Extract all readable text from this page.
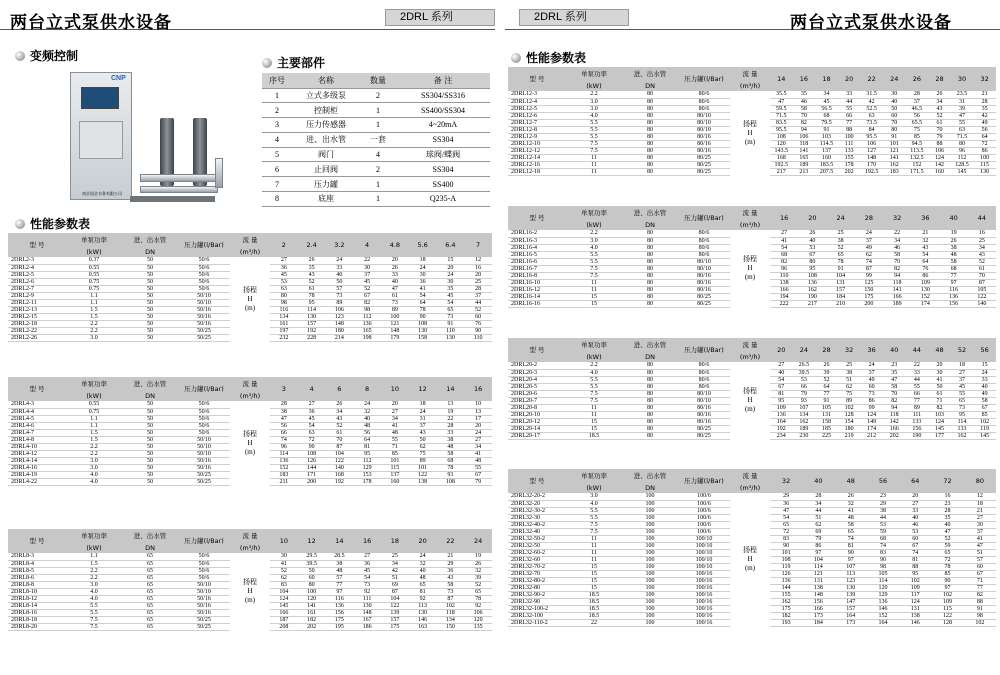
两台立式泵供水设备	2DRL 系列
变频控制
CNP
南京国企水务有限公司
主要部件
序号	名称	数量	备 注
1	立式多级泵	2	SS304/SS316
2	控制柜	1	SS400/SS304
3	压力传感器	1	4~20mA
4	进、出水管	一套	SS304
5	阀门	4	球阀/蝶阀
6	止回阀	2	SS304
7	压力罐	1	SS400
8	底座	1	Q235-A
性能参数表
型 号	单泵功率	进、出水管	压力罐(l/Bar)	流 量	2	2.4	3.2	4	4.8	5.6	6.4	7
	(kW)	DN		(m³/h)								
2DRL2-3	0.37	50	50/6	扬程
H
(m)	27	26	24	22	20	18	15	12
2DRL2-4	0.55	50	50/6		36	35	33	30	26	24	20	16
2DRL2-5	0.55	50	50/6		45	43	40	37	33	30	24	20
2DRL2-6	0.75	50	50/6		53	52	50	45	40	36	30	25
2DRL2-7	0.75	50	50/6		63	61	57	52	47	41	35	28
2DRL2-9	1.1	50	50/10		80	78	73	67	61	54	45	37
2DRL2-11	1.1	50	50/10		98	95	89	82	73	64	54	44
2DRL2-13	1.5	50	50/16		116	114	106	98	89	78	65	52
2DRL2-15	1.5	50	50/16		134	130	123	112	100	90	73	60
2DRL2-18	2.2	50	50/16		161	157	148	136	121	108	91	76
2DRL2-22	2.2	50	50/25		197	192	180	165	148	130	110	90
2DRL2-26	3.0	50	50/25		232	228	214	198	179	158	130	110
型 号	单泵功率	进、出水管	压力罐(l/Bar)	流 量	3	4	6	8	10	12	14	16
	(kW)	DN		(m³/h)								
2DRL4-3	0.55	50	50/6	扬程
H
(m)	28	27	26	24	20	18	13	10
2DRL4-4	0.75	50	50/6		38	36	34	32	27	24	19	13
2DRL4-5	1.1	50	50/6		47	45	43	40	34	31	22	17
2DRL4-6	1.1	50	50/6		56	54	52	48	41	37	28	20
2DRL4-7	1.5	50	50/6		66	63	61	56	48	43	33	24
2DRL4-8	1.5	50	50/10		74	72	70	64	55	50	38	27
2DRL4-10	2.2	50	50/10		96	90	87	81	71	62	48	34
2DRL4-12	2.2	50	50/10		114	108	104	95	85	75	58	41
2DRL4-14	3.0	50	50/16		136	126	122	112	101	89	68	48
2DRL4-16	3.0	50	50/16		152	144	140	129	115	101	78	55
2DRL4-19	4.0	50	50/25		183	171	168	153	137	122	93	67
2DRL4-22	4.0	50	50/25		211	200	192	178	160	138	108	79
型 号	单泵功率	进、出水管	压力罐(l/Bar)	流 量	10	12	14	16	18	20	22	24
	(kW)	DN		(m³/h)								
2DRL8-3	1.1	65	50/6	扬程
H
(m)	30	29.5	28.5	27	25	24	21	19
2DRL8-4	1.5	65	50/6		41	39.5	38	36	34	32	29	26
2DRL8-5	2.2	65	50/6		52	50	48	45	42	40	36	32
2DRL8-6	2.2	65	50/6		62	60	57	54	51	48	43	39
2DRL8-8	3.0	65	50/10		83	80	77	73	69	65	58	52
2DRL8-10	4.0	65	50/10		104	100	97	92	87	81	73	65
2DRL8-12	4.0	65	50/16		124	120	116	111	104	92	87	78
2DRL8-14	5.5	65	50/16		145	141	136	130	122	113	102	92
2DRL8-16	5.5	65	50/16		166	161	156	148	139	130	118	106
2DRL8-18	7.5	65	50/25		187	182	175	167	157	146	134	120
2DRL8-20	7.5	65	50/25		208	202	195	186	175	163	150	135
2DRL 系列	两台立式泵供水设备
性能参数表
型 号	单泵功率	进、出水管	压力罐(l/Bar)	流 量	14	16	18	20	22	24	26	28	30	32
	(kW)	DN		(m³/h)										
2DRL12-3	2.2	80	80/6	扬程
H
(m)	35.5	35	34	33	31.5	30	28	26	23.5	21
2DRL12-4	3.0	80	80/6		47	46	45	44	42	40	37	34	31	28
2DRL12-5	3.0	80	80/6		59.5	58	56.5	55	52.5	50	46.5	43	39	35
2DRL12-6	4.0	80	80/10		71.5	70	68	66	63	60	56	52	47	42
2DRL12-7	5.5	80	80/10		83.5	82	79.5	77	73.5	70	65.5	61	55	49
2DRL12-8	5.5	80	80/10		95.5	94	91	88	84	80	75	70	63	56
2DRL12-9	5.5	80	80/16		108	106	103	100	95.5	91	85	79	71.5	64
2DRL12-10	7.5	80	80/16		120	118	114.5	111	106	101	94.5	88	80	72
2DRL12-12	7.5	80	80/16		143.5	141	137	133	127	121	113.5	106	96	86
2DRL12-14	11	80	80/25		168	165	160	155	148	141	132.5	124	112	100
2DRL12-16	11	80	80/25		192.5	189	183.5	178	170	162	152	142	128.5	115
2DRL12-18	11	80	80/25		217	213	207.5	202	192.5	183	171.5	160	145	130
型 号	单泵功率	进、出水管	压力罐(l/Bar)	流 量	16	20	24	28	32	36	40	44
	(kW)	DN		(m³/h)								
2DRL16-2	2.2	80	80/6	扬程
H
(m)	27	26	25	24	22	21	19	16
2DRL16-3	3.0	80	80/6		41	40	38	37	34	32	26	25
2DRL16-4	4.0	80	80/6		54	53	52	49	46	43	38	34
2DRL16-5	5.5	80	80/6		68	67	65	62	58	54	48	43
2DRL16-6	5.5	80	80/10		82	80	78	74	70	64	58	52
2DRL16-7	7.5	80	80/10		96	95	91	87	82	76	68	61
2DRL16-8	7.5	80	80/16		110	108	104	99	94	86	77	70
2DRL16-10	11	80	80/16		138	136	131	125	118	109	97	87
2DRL16-12	11	80	80/16		166	162	157	150	141	130	116	105
2DRL16-14	15	80	80/25		194	190	184	175	166	152	136	122
2DRL16-16	15	80	80/25		222	217	210	200	189	174	156	140
型 号	单泵功率	进、出水管	压力罐(l/Bar)	流 量	20	24	28	32	36	40	44	48	52	56
	(kW)	DN		(m³/h)										
2DRL20-2	2.2	80	80/6	扬程
H
(m)	27	26.5	26	25	24	23	22	20	18	15
2DRL20-3	4.0	80	80/6		40	39.5	39	38	37	35	33	30	27	24
2DRL20-4	5.5	80	80/6		54	53	52	51	49	47	44	41	37	33
2DRL20-5	5.5	80	80/6		67	66	64	62	60	58	55	50	45	40
2DRL20-6	7.5	80	80/10		81	79	77	75	73	70	66	61	55	49
2DRL20-7	7.5	80	80/10		95	93	91	89	86	82	77	71	65	58
2DRL20-8	11	80	80/16		109	107	105	102	99	94	89	82	73	67
2DRL20-10	11	80	80/16		136	134	131	128	124	118	111	103	95	85
2DRL20-12	15	80	80/16		164	162	158	154	149	142	133	124	114	102
2DRL20-14	15	80	80/25		192	189	185	180	174	166	156	145	133	119
2DRL20-17	18.5	80	80/25		234	230	225	219	212	202	190	177	162	145
型 号	单泵功率	进、出水管	压力罐(l/Bar)	流 量	32	40	48	56	64	72	80
	(kW)	DN		(m³/h)							
2DRL32-20-2	3.0	100	100/6	扬程
H
(m)	29	28	26	23	20	16	12
2DRL32-20	4.0	100	100/6		36	34	32	29	27	23	18
2DRL32-30-2	5.5	100	100/6		47	44	41	38	33	28	21
2DRL32-30	5.5	100	100/6		54	51	48	44	40	35	27
2DRL32-40-2	7.5	100	100/6		65	62	58	53	46	40	30
2DRL32-40	7.5	100	100/6		72	69	65	59	53	47	37
2DRL32-50-2	11	100	100/10		83	79	74	68	60	52	41
2DRL32-50	11	100	100/10		90	86	81	74	67	59	47
2DRL32-60-2	11	100	100/10		101	97	90	83	74	65	51
2DRL32-60	11	100	100/10		108	104	97	90	81	72	57
2DRL32-70-2	15	100	100/10		119	114	107	98	88	78	60
2DRL32-70	15	100	100/16		126	121	113	105	95	85	67
2DRL32-80-2	15	100	100/16		136	131	123	114	102	90	71
2DRL32-80	15	100	100/16		144	138	130	120	109	97	77
2DRL32-90-2	18.5	100	100/16		155	148	139	129	117	102	82
2DRL32-90	18.5	100	100/16		162	156	147	136	124	109	88
2DRL32-100-2	18.5	100	100/16		175	166	157	146	131	115	91
2DRL32-100	18.5	100	100/16		182	173	164	152	138	122	98
2DRL32-110-2	22	100	100/16		193	184	173	164	146	128	102
